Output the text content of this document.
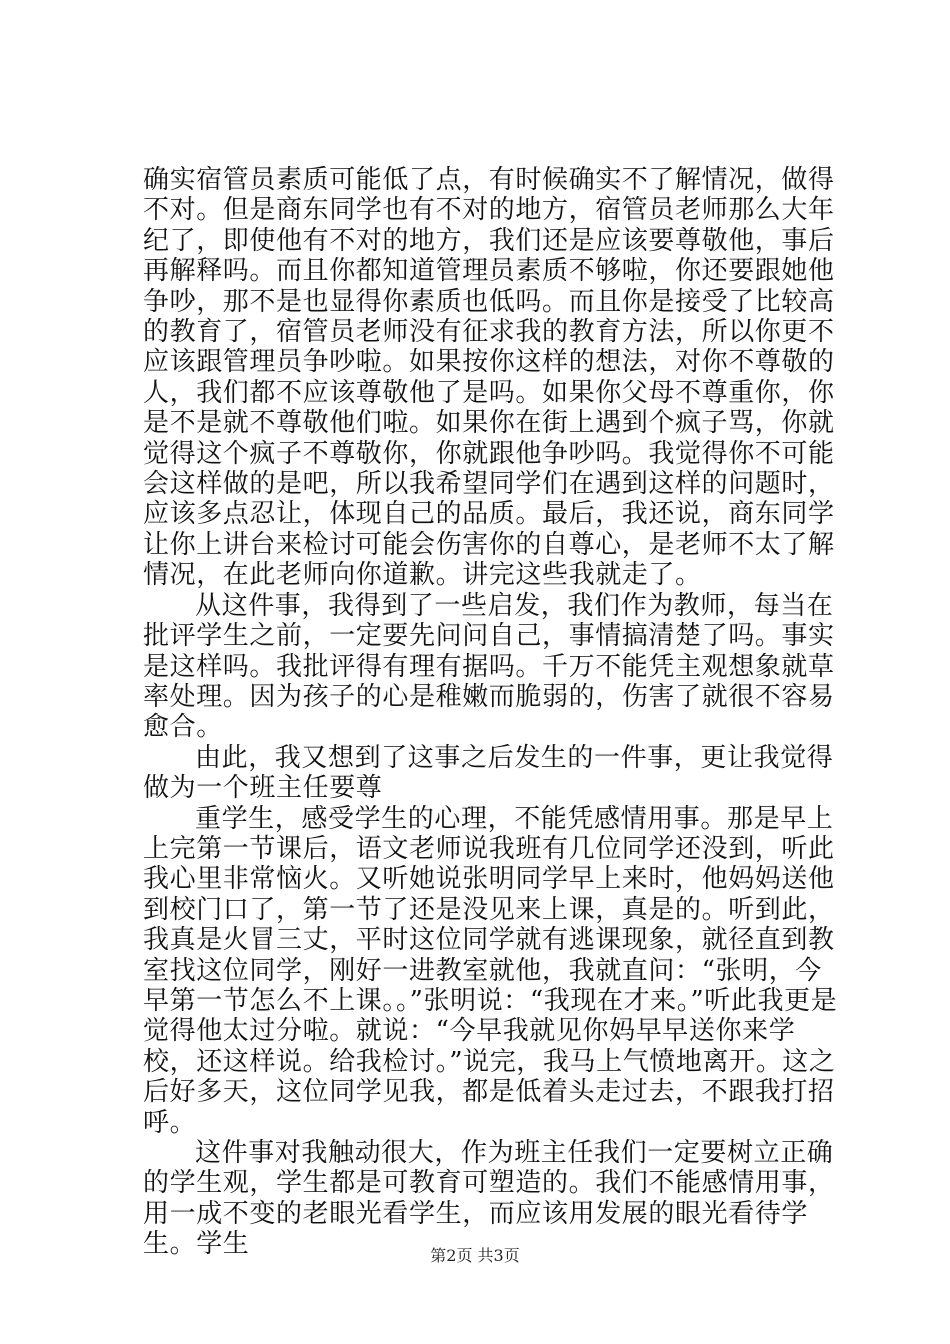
确实宿管员素质可能低了点，有时候确实不了解情况，做得不对。但是商东同学也有不对的地方，宿管员老师那么大年纪了，即使他有不对的地方，我们还是应该要尊敬他，事后再解释吗。而且你都知道管理员素质不够啦，你还要跟她他争吵，那不是也显得你素质也低吗。而且你是接受了比较高的教育了，宿管员老师没有征求我的教育方法，所以你更不应该跟管理员争吵啦。如果按你这样的想法，对你不尊敬的人，我们都不应该尊敬他了是吗。如果你父母不尊重你，你是不是就不尊敬他们啦。如果你在街上遇到个疯子骂，你就觉得这个疯子不尊敬你，你就跟他争吵吗。我觉得你不可能会这样做的是吧，所以我希望同学们在遇到这样的问题时，应该多点忍让，体现自己的品质。最后，我还说，商东同学让你上讲台来检讨可能会伤害你的自尊心，是老师不太了解情况，在此老师向你道歉。讲完这些我就走了。

从这件事，我得到了一些启发，我们作为教师，每当在批评学生之前，一定要先问问自己，事情搞清楚了吗。事实是这样吗。我批评得有理有据吗。千万不能凭主观想象就草率处理。因为孩子的心是稚嫩而脆弱的，伤害了就很不容易愈合。

由此，我又想到了这事之后发生的一件事，更让我觉得做为一个班主任要尊

重学生，感受学生的心理，不能凭感情用事。那是早上上完第一节课后，语文老师说我班有几位同学还没到，听此我心里非常恼火。又听她说张明同学早上来时，他妈妈送他到校门口了，第一节了还是没见来上课，真是的。听到此，我真是火冒三丈，平时这位同学就有逃课现象，就径直到教室找这位同学，刚好一进教室就他，我就直问：“张明，今早第一节怎么不上课。。”张明说：“我现在才来。”听此我更是觉得他太过分啦。就说：“今早我就见你妈早早送你来学校，还这样说。给我检讨。”说完，我马上气愤地离开。这之后好多天，这位同学见我，都是低着头走过去，不跟我打招呼。

这件事对我触动很大，作为班主任我们一定要树立正确的学生观，学生都是可教育可塑造的。我们不能感情用事，用一成不变的老眼光看学生，而应该用发展的眼光看待学生。学生	第2页 共3页
